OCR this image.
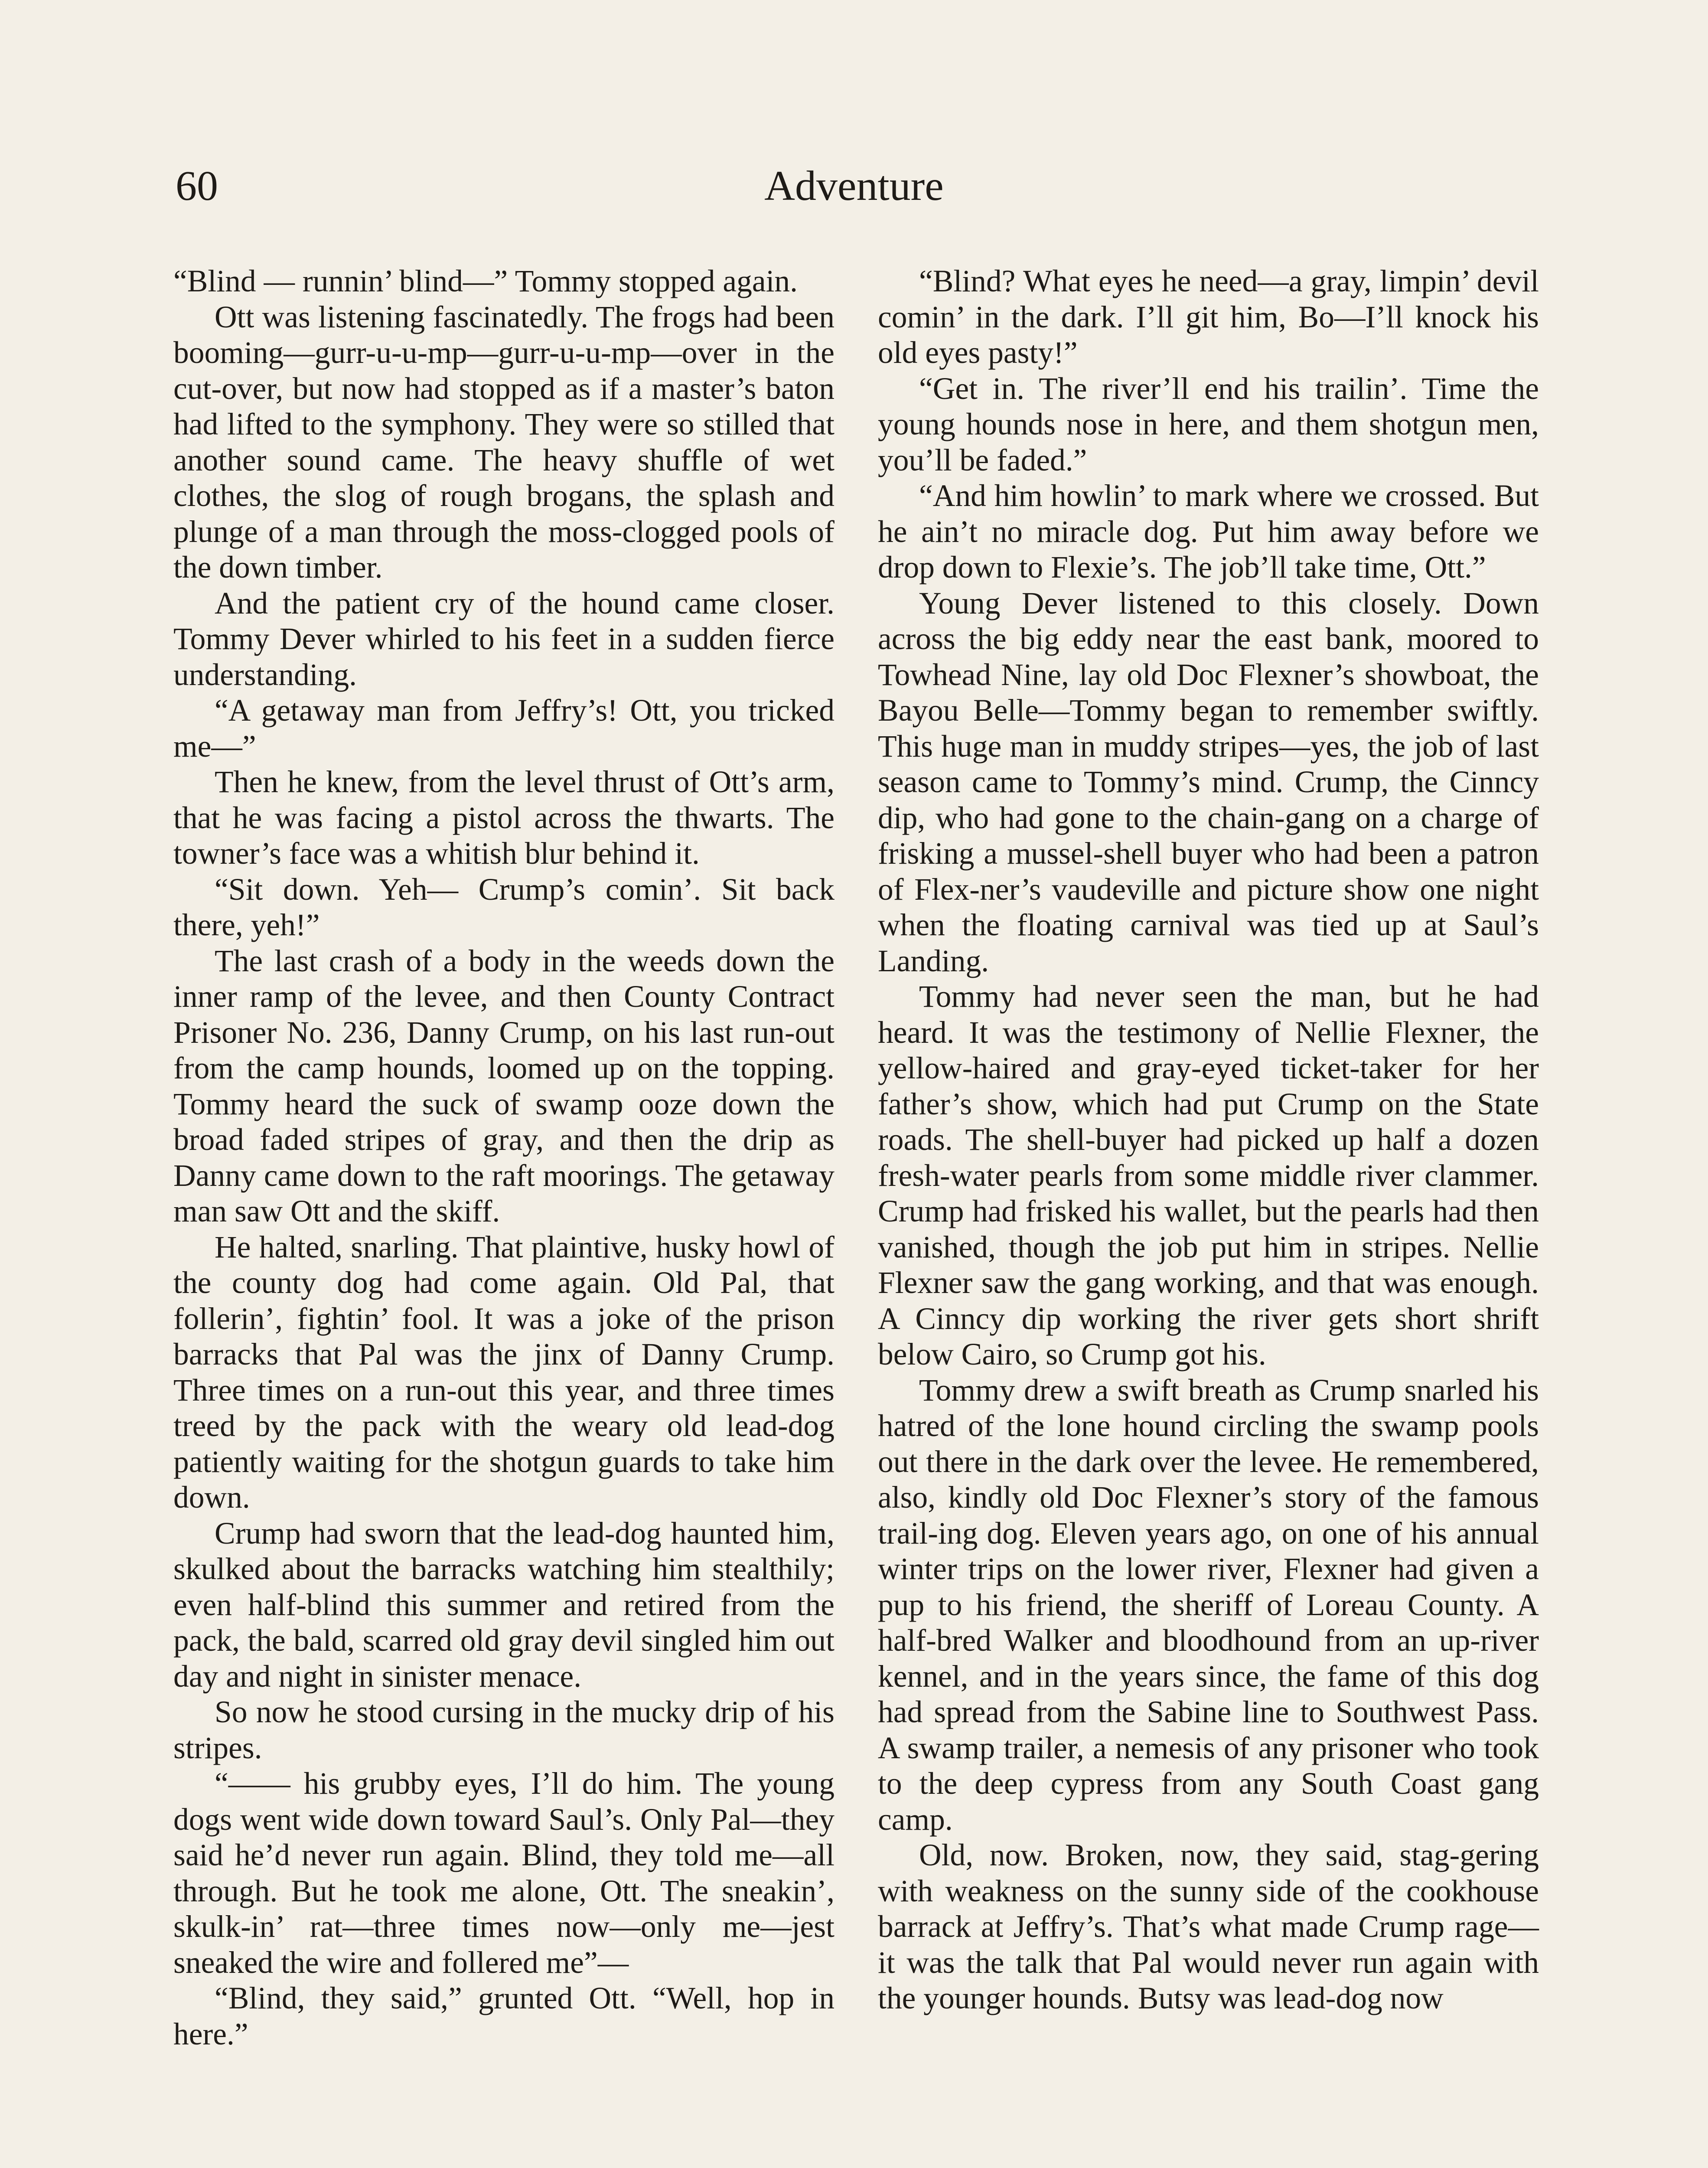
60	Adventure

“Blind — runnin’ blind—” Tommy stopped again.

Ott was listening fascinatedly. The frogs had been booming—gurr-u-u-mp—gurr-u-u-mp—over in the cut-over, but now had stopped as if a master’s baton had lifted to the symphony. They were so stilled that another sound came. The heavy shuffle of wet clothes, the slog of rough brogans, the splash and plunge of a man through the moss-clogged pools of the down timber.

And the patient cry of the hound came closer. Tommy Dever whirled to his feet in a sudden fierce understanding.

“A getaway man from Jeffry’s! Ott, you tricked me—”

Then he knew, from the level thrust of Ott’s arm, that he was facing a pistol across the thwarts. The towner’s face was a whitish blur behind it.

“Sit down. Yeh— Crump’s comin’. Sit back there, yeh!”

The last crash of a body in the weeds down the inner ramp of the levee, and then County Contract Prisoner No. 236, Danny Crump, on his last run-out from the camp hounds, loomed up on the topping. Tommy heard the suck of swamp ooze down the broad faded stripes of gray, and then the drip as Danny came down to the raft moorings. The getaway man saw Ott and the skiff.

He halted, snarling. That plaintive, husky howl of the county dog had come again. Old Pal, that follerin’, fightin’ fool. It was a joke of the prison barracks that Pal was the jinx of Danny Crump. Three times on a run-out this year, and three times treed by the pack with the weary old lead-dog patiently waiting for the shotgun guards to take him down.

Crump had sworn that the lead-dog haunted him, skulked about the barracks watching him stealthily; even half-blind this summer and retired from the pack, the bald, scarred old gray devil singled him out day and night in sinister menace.

So now he stood cursing in the mucky drip of his stripes.

“—— his grubby eyes, I’ll do him. The young dogs went wide down toward Saul’s. Only Pal—they said he’d never run again. Blind, they told me—all through. But he took me alone, Ott. The sneakin’, skulk-in’ rat—three times now—only me—jest sneaked the wire and follered me”—

“Blind, they said,” grunted Ott. “Well, hop in here.”

“Blind? What eyes he need—a gray, limpin’ devil comin’ in the dark. I’ll git him, Bo—I’ll knock his old eyes pasty!”

“Get in. The river’ll end his trailin’. Time the young hounds nose in here, and them shotgun men, you’ll be faded.”

“And him howlin’ to mark where we crossed. But he ain’t no miracle dog. Put him away before we drop down to Flexie’s. The job’ll take time, Ott.”

Young Dever listened to this closely. Down across the big eddy near the east bank, moored to Towhead Nine, lay old Doc Flexner’s showboat, the Bayou Belle—Tommy began to remember swiftly. This huge man in muddy stripes—yes, the job of last season came to Tommy’s mind. Crump, the Cinncy dip, who had gone to the chain-gang on a charge of frisking a mussel-shell buyer who had been a patron of Flex-ner’s vaudeville and picture show one night when the floating carnival was tied up at Saul’s Landing.

Tommy had never seen the man, but he had heard. It was the testimony of Nellie Flexner, the yellow-haired and gray-eyed ticket-taker for her father’s show, which had put Crump on the State roads. The shell-buyer had picked up half a dozen fresh-water pearls from some middle river clammer. Crump had frisked his wallet, but the pearls had then vanished, though the job put him in stripes. Nellie Flexner saw the gang working, and that was enough. A Cinncy dip working the river gets short shrift below Cairo, so Crump got his.

Tommy drew a swift breath as Crump snarled his hatred of the lone hound circling the swamp pools out there in the dark over the levee. He remembered, also, kindly old Doc Flexner’s story of the famous trail-ing dog. Eleven years ago, on one of his annual winter trips on the lower river, Flexner had given a pup to his friend, the sheriff of Loreau County. A half-bred Walker and bloodhound from an up-river kennel, and in the years since, the fame of this dog had spread from the Sabine line to Southwest Pass. A swamp trailer, a nemesis of any prisoner who took to the deep cypress from any South Coast gang camp.

Old, now. Broken, now, they said, stag-gering with weakness on the sunny side of the cookhouse barrack at Jeffry’s. That’s what made Crump rage—it was the talk that Pal would never run again with the younger hounds. Butsy was lead-dog now
